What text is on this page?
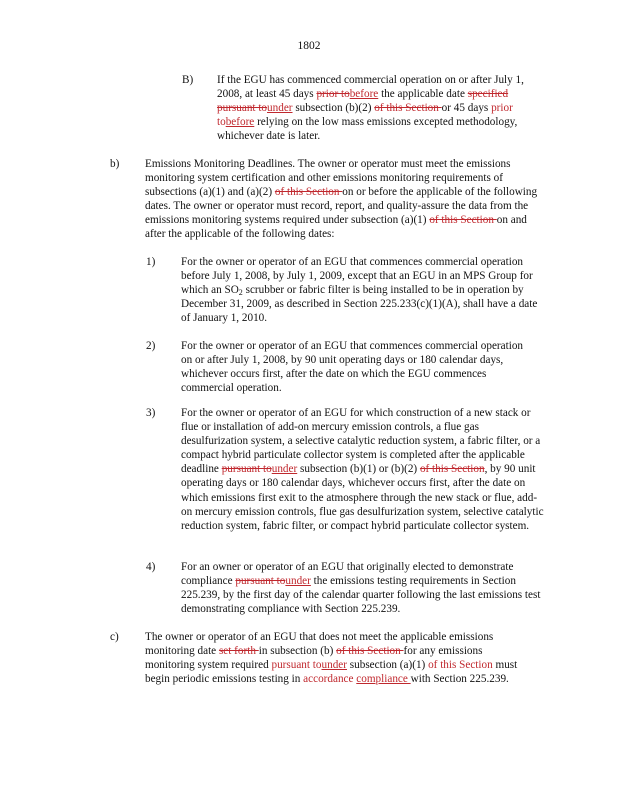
1802
B) If the EGU has commenced commercial operation on or after July 1, 2008, at least 45 days prior tobefore the applicable date specified pursuant tounder subsection (b)(2) of this Section or 45 days prior tobefore relying on the low mass emissions excepted methodology, whichever date is later.
b) Emissions Monitoring Deadlines. The owner or operator must meet the emissions monitoring system certification and other emissions monitoring requirements of subsections (a)(1) and (a)(2) of this Section on or before the applicable of the following dates. The owner or operator must record, report, and quality-assure the data from the emissions monitoring systems required under subsection (a)(1) of this Section on and after the applicable of the following dates:
1) For the owner or operator of an EGU that commences commercial operation before July 1, 2008, by July 1, 2009, except that an EGU in an MPS Group for which an $SO_2$ scrubber or fabric filter is being installed to be in operation by December 31, 2009, as described in Section 225.233(c)(1)(A), shall have a date of January 1, 2010.
2) For the owner or operator of an EGU that commences commercial operation on or after July 1, 2008, by 90 unit operating days or 180 calendar days, whichever occurs first, after the date on which the EGU commences commercial operation.
3) For the owner or operator of an EGU for which construction of a new stack or flue or installation of add-on mercury emission controls, a flue gas desulfurization system, a selective catalytic reduction system, a fabric filter, or a compact hybrid particulate collector system is completed after the applicable deadline pursuant tounder subsection (b)(1) or (b)(2) of this Section, by 90 unit operating days or 180 calendar days, whichever occurs first, after the date on which emissions first exit to the atmosphere through the new stack or flue, add-on mercury emission controls, flue gas desulfurization system, selective catalytic reduction system, fabric filter, or compact hybrid particulate collector system.
4) For an owner or operator of an EGU that originally elected to demonstrate compliance pursuant tounder the emissions testing requirements in Section 225.239, by the first day of the calendar quarter following the last emissions test demonstrating compliance with Section 225.239.
c) The owner or operator of an EGU that does not meet the applicable emissions monitoring date set forth in subsection (b) of this Section for any emissions monitoring system required pursuant tounder subsection (a)(1) of this Section must begin periodic emissions testing in accordance compliance with Section 225.239.
